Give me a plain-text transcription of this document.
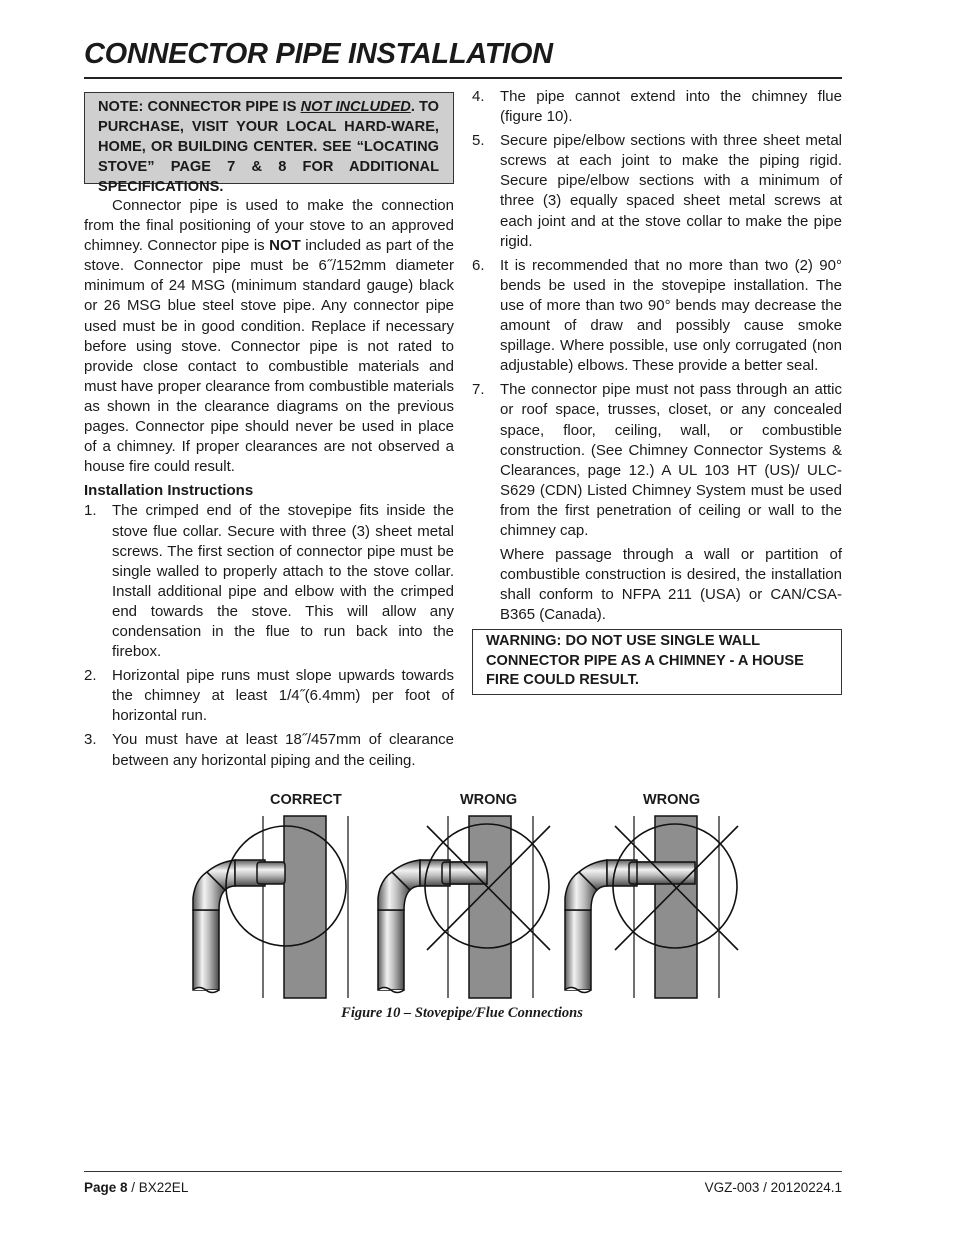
CONNECTOR PIPE INSTALLATION
NOTE: CONNECTOR PIPE IS NOT INCLUDED. TO PURCHASE, VISIT YOUR LOCAL HARD-WARE, HOME, OR BUILDING CENTER. SEE “LOCATING STOVE” PAGE 7 & 8 FOR ADDITIONAL SPECIFICATIONS.

Connector pipe is used to make the connection from the final positioning of your stove to an approved chimney. Connector pipe is NOT included as part of the stove. Connector pipe must be 6˝/152mm diameter minimum of 24 MSG (minimum standard gauge) black or 26 MSG blue steel stove pipe. Any connector pipe used must be in good condition. Replace if necessary before using stove. Connector pipe is not rated to provide close contact to combustible materials and must have proper clearance from combustible materials as shown in the clearance diagrams on the previous pages. Connector pipe should never be used in place of a chimney. If proper clearances are not observed a house fire could result.

Installation Instructions

1. The crimped end of the stovepipe fits inside the stove flue collar. Secure with three (3) sheet metal screws. The first section of connector pipe must be single walled to properly attach to the stove collar. Install additional pipe and elbow with the crimped end towards the stove. This will allow any condensation in the flue to run back into the firebox.
2. Horizontal pipe runs must slope upwards towards the chimney at least 1/4˝(6.4mm) per foot of horizontal run.
3. You must have at least 18˝/457mm of clearance between any horizontal piping and the ceiling.
4. The pipe cannot extend into the chimney flue (figure 10).
5. Secure pipe/elbow sections with three sheet metal screws at each joint to make the piping rigid. Secure pipe/elbow sections with a minimum of three (3) equally spaced sheet metal screws at each joint and at the stove collar to make the pipe rigid.
6. It is recommended that no more than two (2) 90° bends be used in the stovepipe installation. The use of more than two 90° bends may decrease the amount of draw and possibly cause smoke spillage. Where possible, use only corrugated (non adjustable) elbows. These provide a better seal.
7. The connector pipe must not pass through an attic or roof space, trusses, closet, or any concealed space, floor, ceiling, wall, or combustible construction. (See Chimney Connector Systems & Clearances, page 12.) A UL 103 HT (US)/ ULC-S629 (CDN) Listed Chimney System must be used from the first penetration of ceiling or wall to the chimney cap.

Where passage through a wall or partition of combustible construction is desired, the installation shall conform to NFPA 211 (USA) or CAN/CSA-B365 (Canada).

WARNING: DO NOT USE SINGLE WALL CONNECTOR PIPE AS A CHIMNEY - A HOUSE FIRE COULD RESULT.
CORRECT	WRONG	WRONG
Figure 10 – Stovepipe/Flue Connections
Page 8 / BX22EL	VGZ-003 / 20120224.1
